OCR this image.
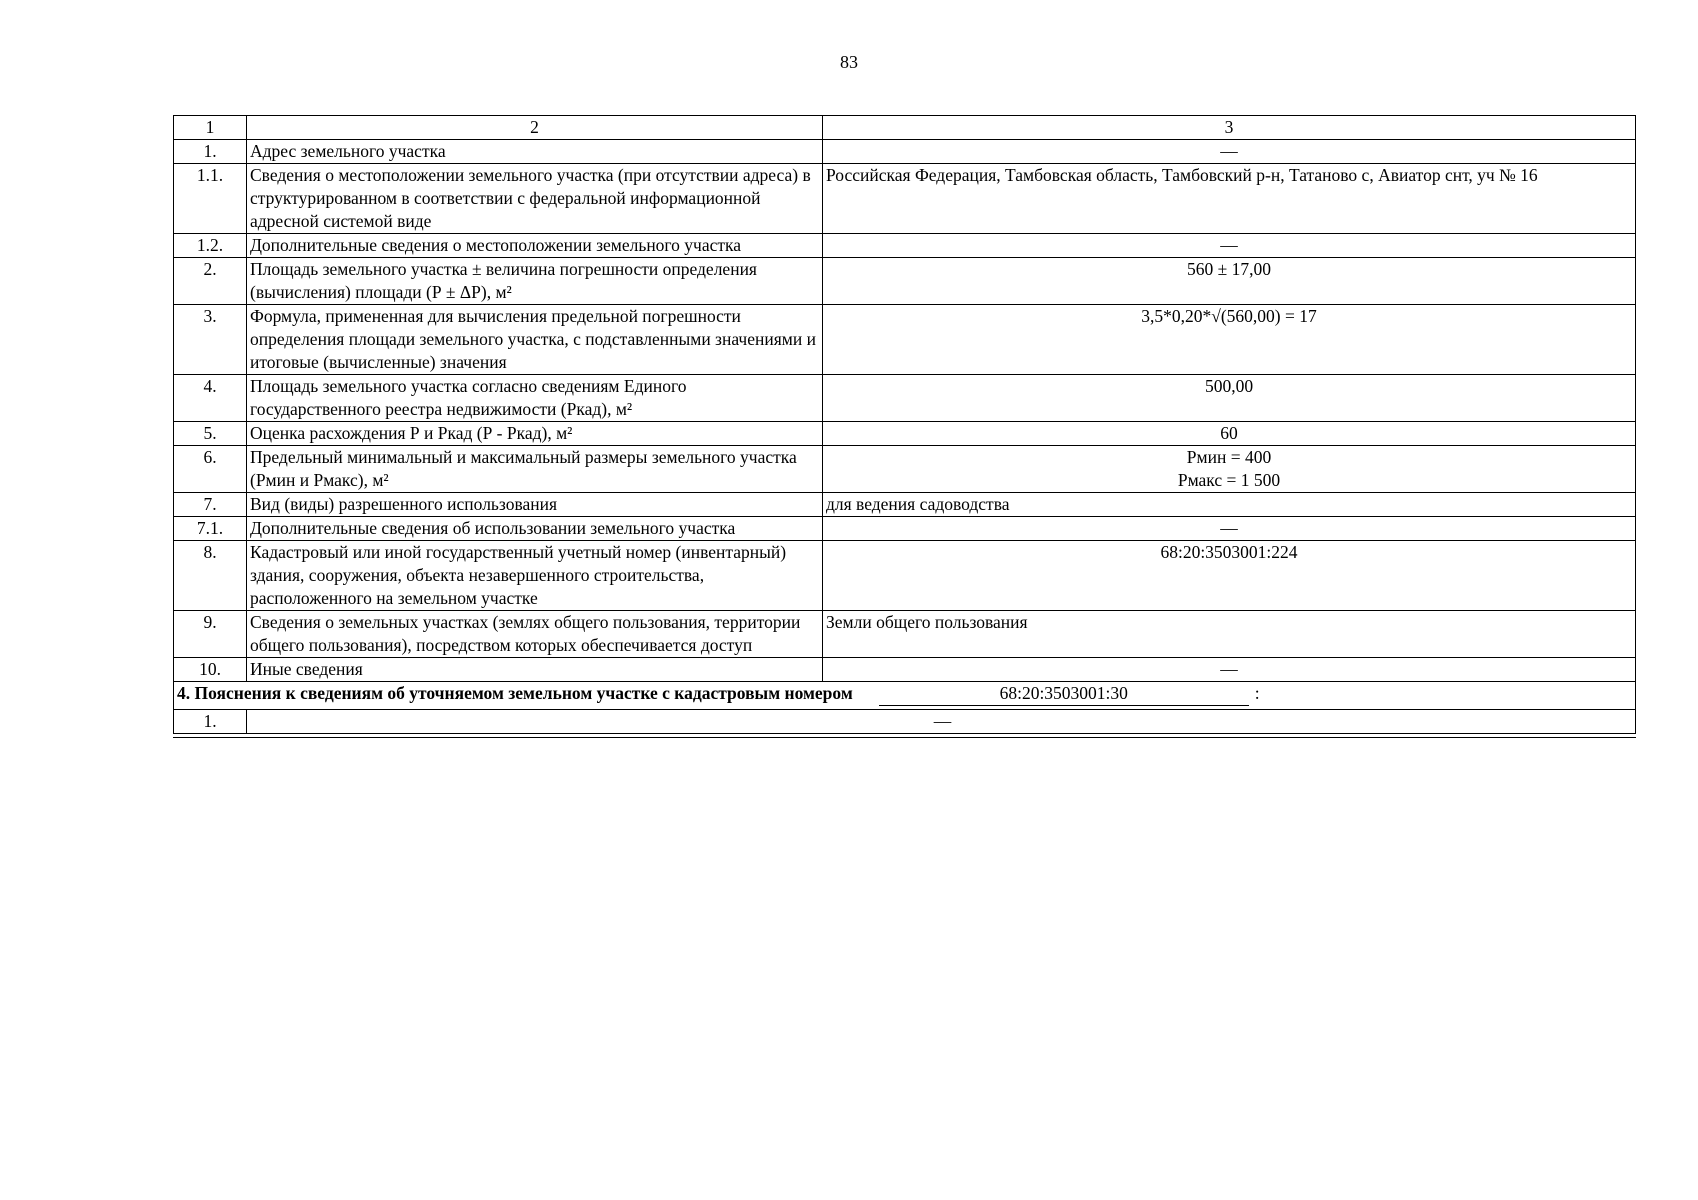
83
1	2	3
1.	Адрес земельного участка	—
1.1.	Сведения о местоположении земельного участка (при отсутствии адреса) в структурированном в соответствии с федеральной информационной адресной системой виде	Российская Федерация, Тамбовская область, Тамбовский р-н, Татаново с, Авиатор снт, уч № 16
1.2.	Дополнительные сведения о местоположении земельного участка	—
2.	Площадь земельного участка ± величина погрешности определения (вычисления) площади (Р ± ΔР), м²	560 ± 17,00
3.	Формула, примененная для вычисления предельной погрешности определения площади земельного участка, с подставленными значениями и итоговые (вычисленные) значения	3,5*0,20*√(560,00) = 17
4.	Площадь земельного участка согласно сведениям Единого государственного реестра недвижимости (Ркад), м²	500,00
5.	Оценка расхождения Р и Ркад (Р - Ркад), м²	60
6.	Предельный минимальный и максимальный размеры земельного участка (Рмин и Рмакс), м²	Рмин = 400
Рмакс = 1 500

7.	Вид (виды) разрешенного использования	для ведения садоводства
7.1.	Дополнительные сведения об использовании земельного участка	—
8.	Кадастровый или иной государственный учетный номер (инвентарный) здания, сооружения, объекта незавершенного строительства, расположенного на земельном участке	68:20:3503001:224
9.	Сведения о земельных участках (землях общего пользования, территории общего пользования), посредством которых обеспечивается доступ	Земли общего пользования
10.	Иные сведения	—
4. Пояснения к сведениям об уточняемом земельном участке с кадастровым номером 68:20:3503001:30 :		
1.	—	
